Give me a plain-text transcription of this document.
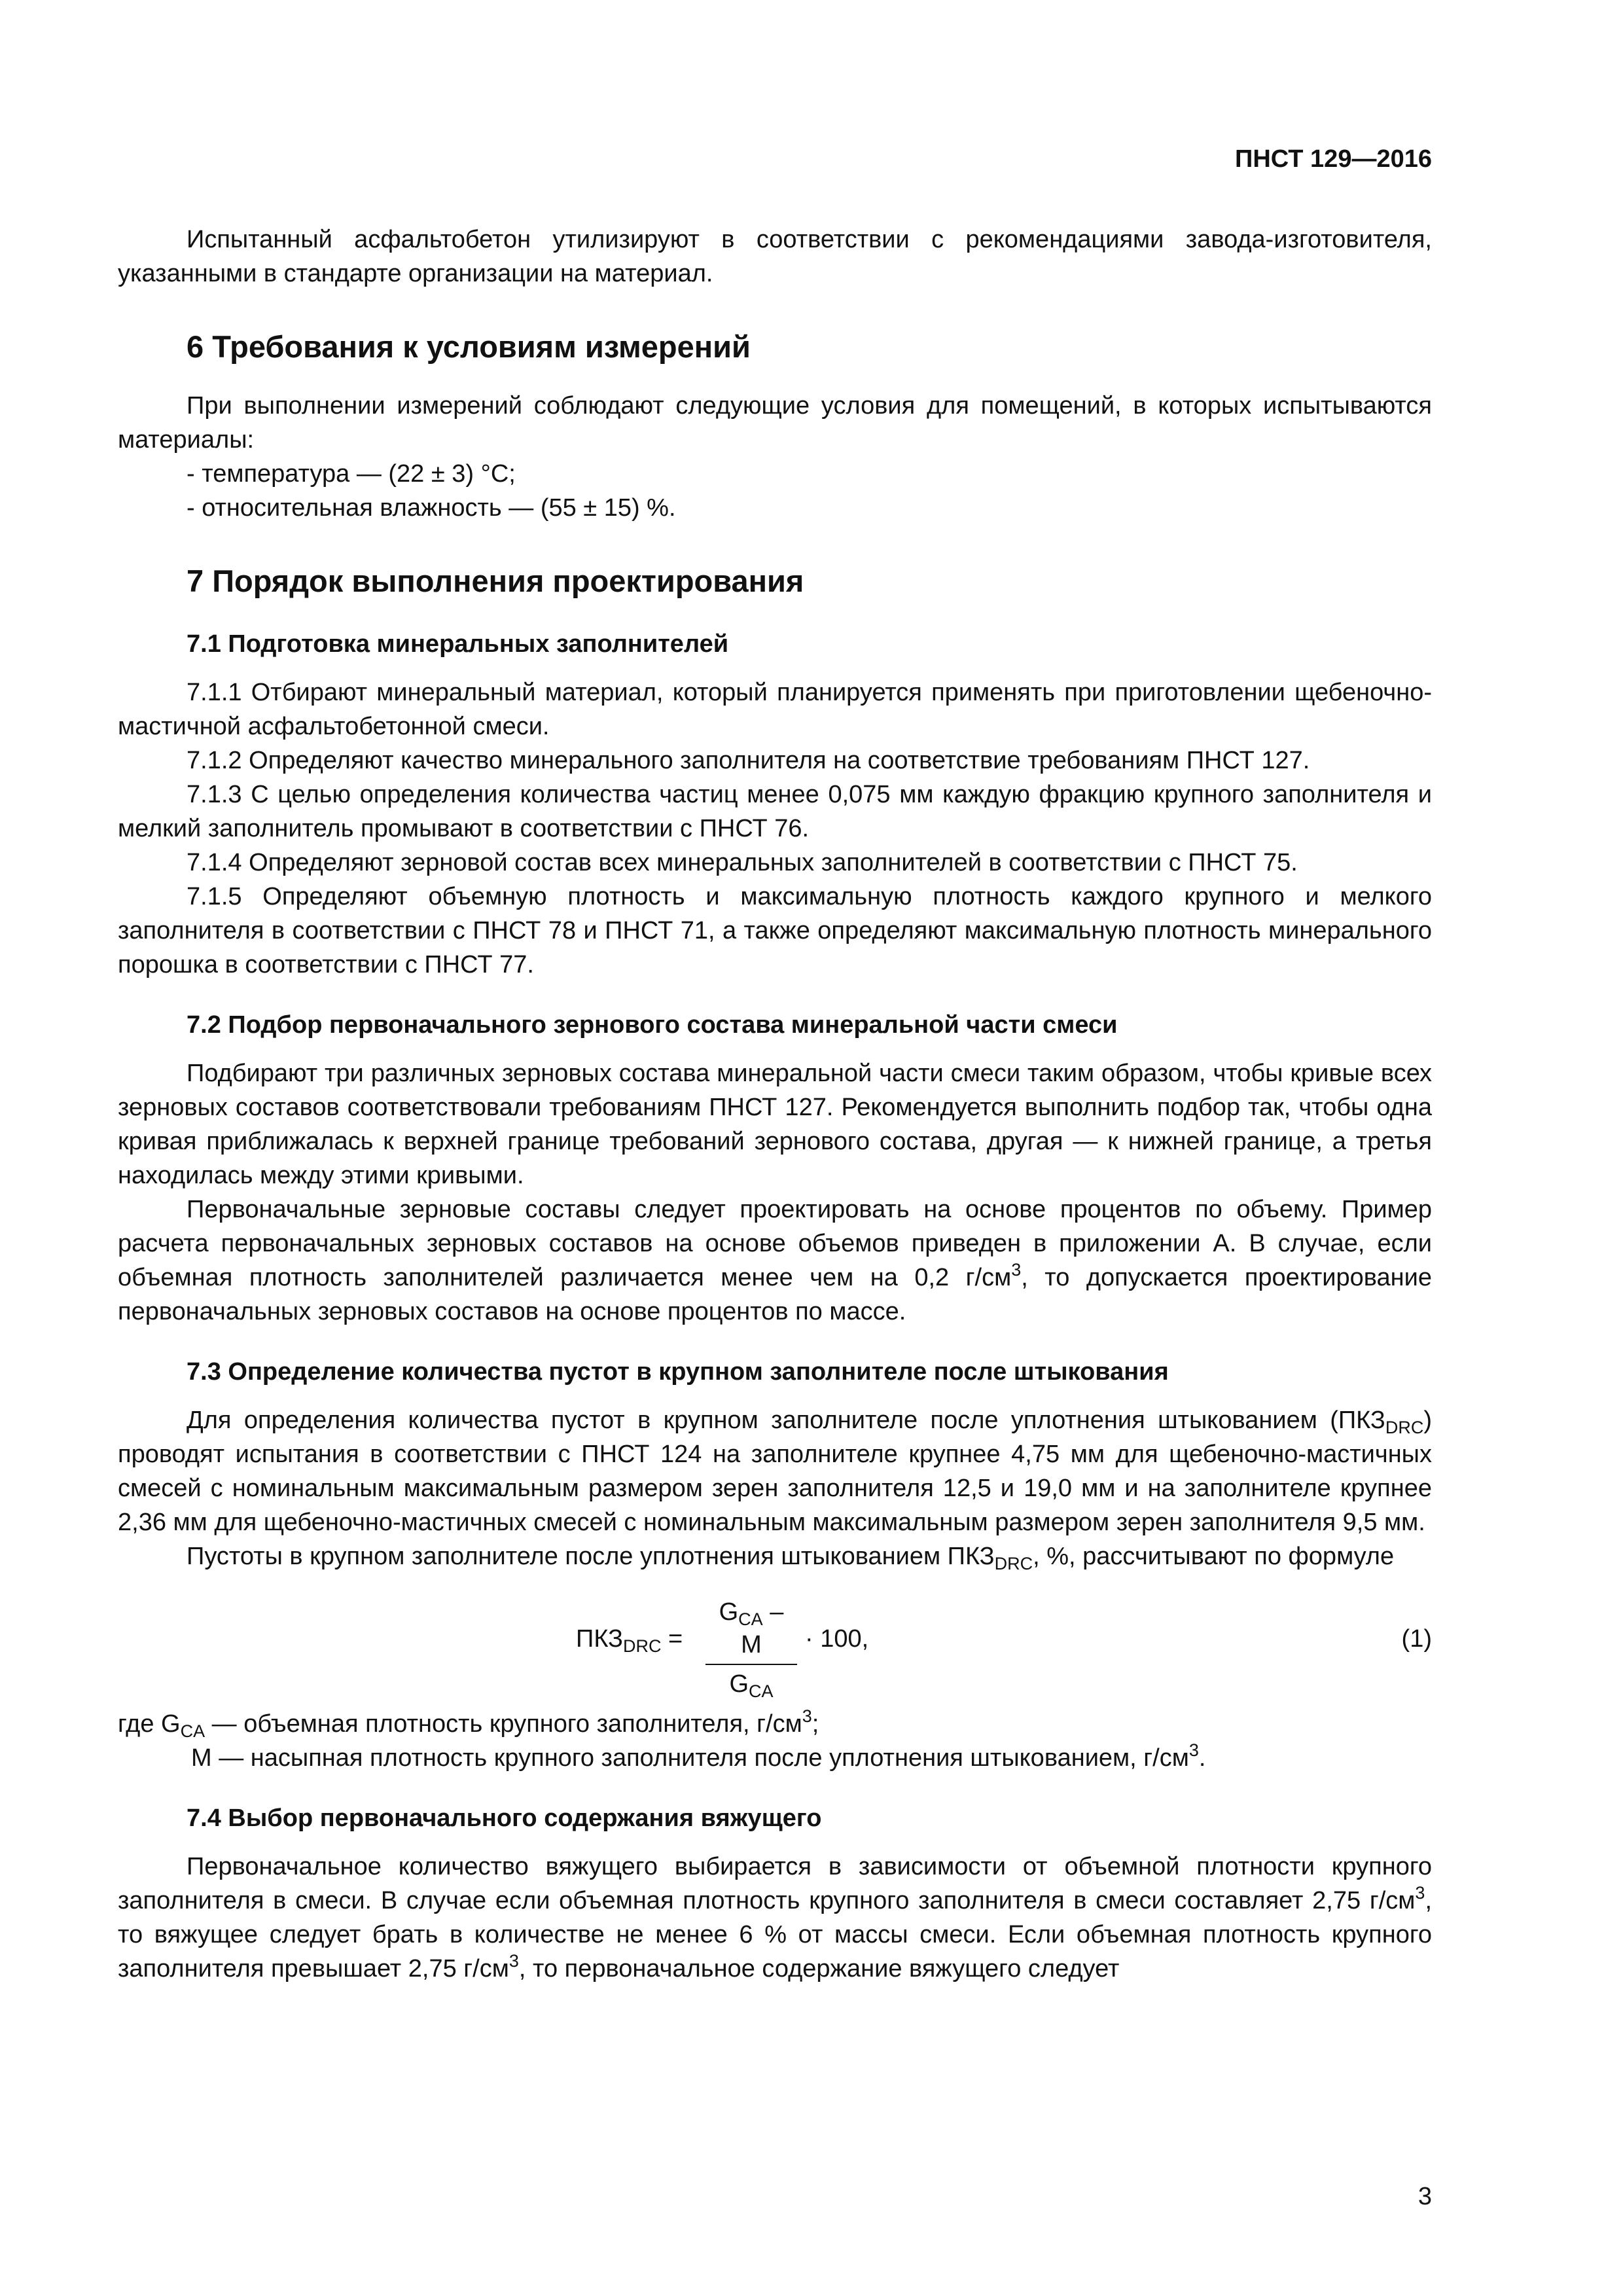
ПНСТ 129—2016

Испытанный асфальтобетон утилизируют в соответствии с рекомендациями завода-изготовителя, указанными в стандарте организации на материал.

6 Требования к условиям измерений

При выполнении измерений соблюдают следующие условия для помещений, в которых испытываются материалы:

- температура — (22 ± 3) °C;

- относительная влажность — (55 ± 15) %.

7 Порядок выполнения проектирования
7.1 Подготовка минеральных заполнителей

7.1.1 Отбирают минеральный материал, который планируется применять при приготовлении щебеночно-мастичной асфальтобетонной смеси.

7.1.2 Определяют качество минерального заполнителя на соответствие требованиям ПНСТ 127.

7.1.3 С целью определения количества частиц менее 0,075 мм каждую фракцию крупного заполнителя и мелкий заполнитель промывают в соответствии с ПНСТ 76.

7.1.4 Определяют зерновой состав всех минеральных заполнителей в соответствии с ПНСТ 75.

7.1.5 Определяют объемную плотность и максимальную плотность каждого крупного и мелкого заполнителя в соответствии с ПНСТ 78 и ПНСТ 71, а также определяют максимальную плотность минерального порошка в соответствии с ПНСТ 77.

7.2 Подбор первоначального зернового состава минеральной части смеси

Подбирают три различных зерновых состава минеральной части смеси таким образом, чтобы кривые всех зерновых составов соответствовали требованиям ПНСТ 127. Рекомендуется выполнить подбор так, чтобы одна кривая приближалась к верхней границе требований зернового состава, другая — к нижней границе, а третья находилась между этими кривыми.

Первоначальные зерновые составы следует проектировать на основе процентов по объему. Пример расчета первоначальных зерновых составов на основе объемов приведен в приложении А. В случае, если объемная плотность заполнителей различается менее чем на 0,2 $г/см^3$, то допускается проектирование первоначальных зерновых составов на основе процентов по массе.

7.3 Определение количества пустот в крупном заполнителе после штыкования

Для определения количества пустот в крупном заполнителе после уплотнения штыкованием $(ПКЗ_{DRC})$ проводят испытания в соответствии с ПНСТ 124 на заполнителе крупнее 4,75 мм для щебеночно-мастичных смесей с номинальным максимальным размером зерен заполнителя 12,5 и 19,0 мм и на заполнителе крупнее 2,36 мм для щебеночно-мастичных смесей с номинальным максимальным размером зерен заполнителя 9,5 мм.

Пустоты в крупном заполнителе после уплотнения штыкованием $ПКЗ_{DRC}$, %, рассчитывают по формуле

$ПКЗ_{DRC}$ =
$G_{CA}$ – M
$G_{CA}$
· 100,	(1)

где $G_{CA}$ — объемная плотность крупного заполнителя, $г/см^3$;

M — насыпная плотность крупного заполнителя после уплотнения штыкованием, $г/см^3$.

7.4 Выбор первоначального содержания вяжущего

Первоначальное количество вяжущего выбирается в зависимости от объемной плотности крупного заполнителя в смеси. В случае если объемная плотность крупного заполнителя в смеси составляет 2,75 $г/см^3$, то вяжущее следует брать в количестве не менее 6 % от массы смеси. Если объемная плотность крупного заполнителя превышает 2,75 $г/см^3$, то первоначальное содержание вяжущего следует

3
